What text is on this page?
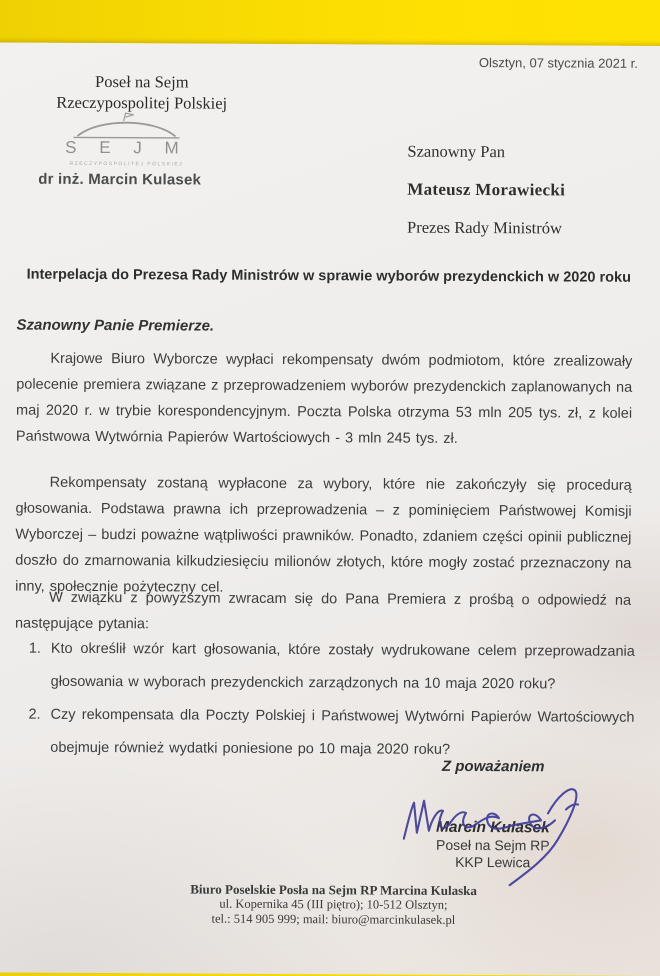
Olsztyn, 07 stycznia 2021 r.
Poseł na Sejm
Rzeczypospolitej Polskiej
S E J M
RZECZYPOSPOLITEJ POLSKIEJ
dr inż. Marcin Kulasek
Szanowny Pan
Mateusz Morawiecki
Prezes Rady Ministrów
Interpelacja do Prezesa Rady Ministrów w sprawie wyborów prezydenckich w 2020 roku
Szanowny Panie Premierze.
Krajowe Biuro Wyborcze wypłaci rekompensaty dwóm podmiotom, które zrealizowały polecenie premiera związane z przeprowadzeniem wyborów prezydenckich zaplanowanych na maj 2020 r. w trybie korespondencyjnym. Poczta Polska otrzyma 53 mln 205 tys. zł, z kolei Państwowa Wytwórnia Papierów Wartościowych - 3 mln 245 tys. zł.
Rekompensaty zostaną wypłacone za wybory, które nie zakończyły się procedurą głosowania. Podstawa prawna ich przeprowadzenia – z pominięciem Państwowej Komisji Wyborczej – budzi poważne wątpliwości prawników. Ponadto, zdaniem części opinii publicznej doszło do zmarnowania kilkudziesięciu milionów złotych, które mogły zostać przeznaczony na inny, społecznie pożyteczny cel.
W związku z powyższym zwracam się do Pana Premiera z prośbą o odpowiedź na następujące pytania:
1. Kto określił wzór kart głosowania, które zostały wydrukowane celem przeprowadzania głosowania w wyborach prezydenckich zarządzonych na 10 maja 2020 roku?
2. Czy rekompensata dla Poczty Polskiej i Państwowej Wytwórni Papierów Wartościowych obejmuje również wydatki poniesione po 10 maja 2020 roku?
Z poważaniem
Marcin Kulasek
Poseł na Sejm RP
KKP Lewica
Biuro Poselskie Posła na Sejm RP Marcina Kulaska
ul. Kopernika 45 (III piętro); 10-512 Olsztyn;
tel.: 514 905 999; mail: biuro@marcinkulasek.pl
